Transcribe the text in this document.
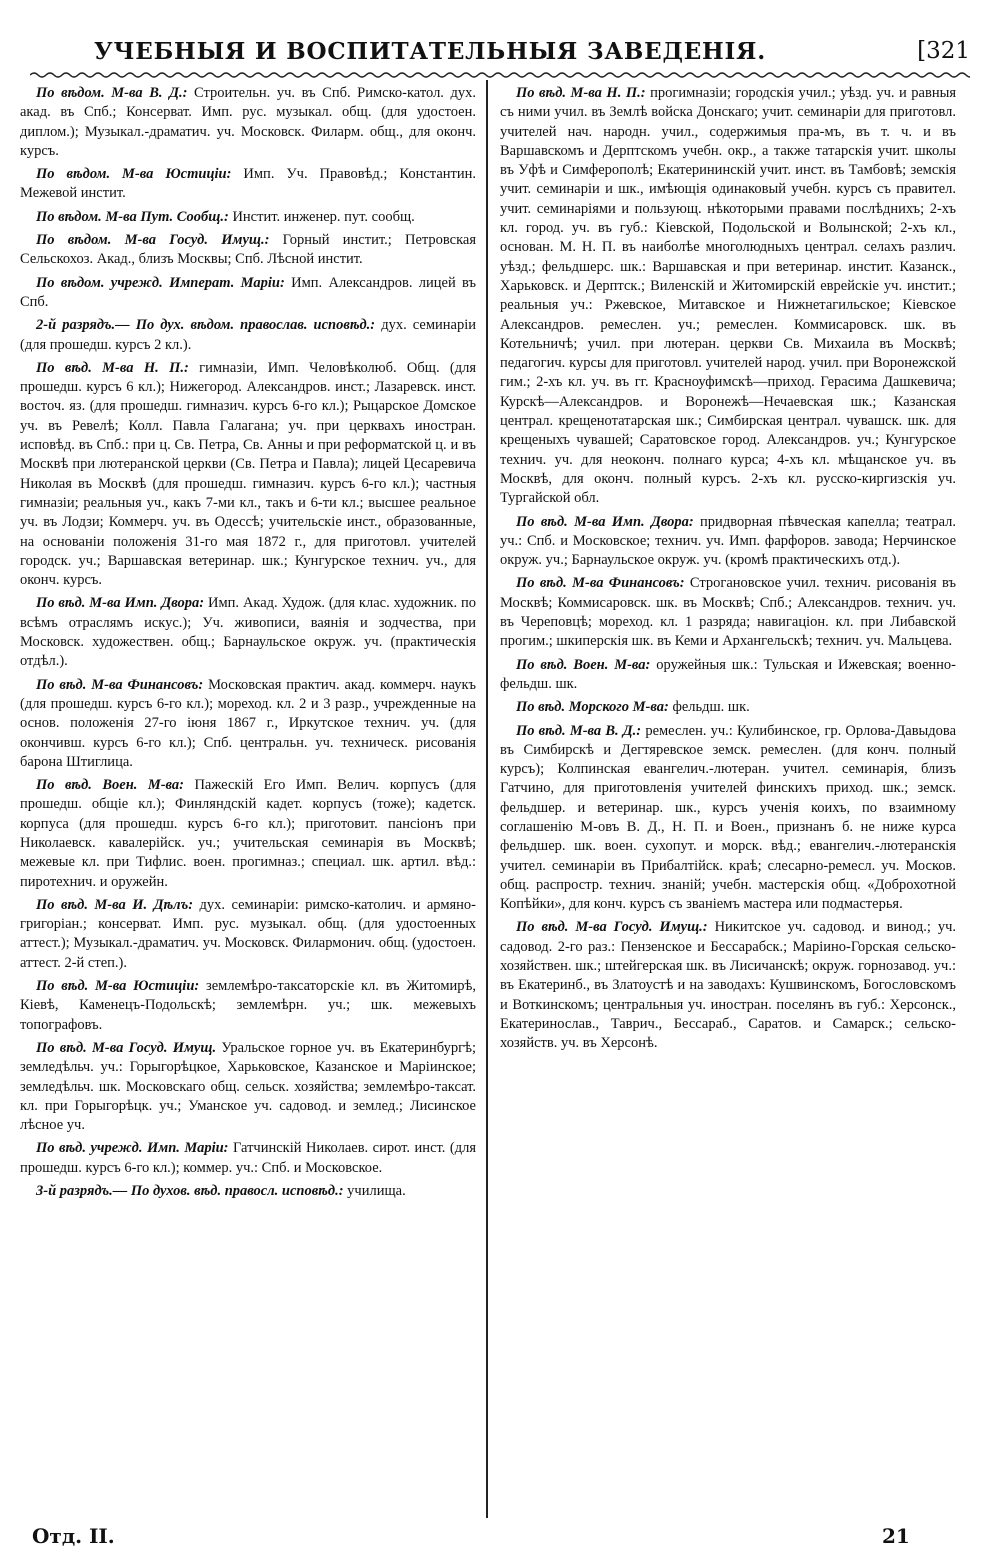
УЧЕБНЫЯ И ВОСПИТАТЕЛЬНЫЯ ЗАВЕДЕНІЯ.	[321

По вѣдом. М-ва В. Д.: Строительн. уч. въ Спб. Римско-катол. дух. акад. въ Спб.; Консерват. Имп. рус. музыкал. общ. (для удостоен. диплом.); Музыкал.-драматич. уч. Московск. Филарм. общ., для оконч. курсъ.

По вѣдом. М-ва Юстиціи: Имп. Уч. Правовѣд.; Константин. Межевой инстит.

По вѣдом. М-ва Пут. Сообщ.: Инстит. инженер. пут. сообщ.

По вѣдом. М-ва Госуд. Имущ.: Горный инстит.; Петровская Сельскохоз. Акад., близъ Москвы; Спб. Лѣсной инстит.

По вѣдом. учрежд. Императ. Маріи: Имп. Александров. лицей въ Спб.

2-й разрядъ.— По дух. вѣдом. православ. исповѣд.: дух. семинаріи (для прошедш. курсъ 2 кл.).

По вѣд. М-ва Н. П.: гимназіи, Имп. Человѣколюб. Общ. (для прошедш. курсъ 6 кл.); Нижегород. Александров. инст.; Лазаревск. инст. восточ. яз. (для прошедш. гимназич. курсъ 6-го кл.); Рыцарское Домское уч. въ Ревелѣ; Колл. Павла Галагана; уч. при церквахъ иностран. исповѣд. въ Спб.: при ц. Св. Петра, Св. Анны и при реформатской ц. и въ Москвѣ при лютеранской церкви (Св. Петра и Павла); лицей Цесаревича Николая въ Москвѣ (для прошедш. гимназич. курсъ 6-го кл.); частныя гимназіи; реальныя уч., какъ 7-ми кл., такъ и 6-ти кл.; высшее реальное уч. въ Лодзи; Коммерч. уч. въ Одессѣ; учительскіе инст., образованные, на основаніи положенія 31-го мая 1872 г., для приготовл. учителей городск. уч.; Варшавская ветеринар. шк.; Кунгурское технич. уч., для оконч. курсъ.

По вѣд. М-ва Имп. Двора: Имп. Акад. Худож. (для клас. художник. по всѣмъ отраслямъ искус.); Уч. живописи, ваянія и зодчества, при Московск. художествен. общ.; Барнаульское окруж. уч. (практическія отдѣл.).

По вѣд. М-ва Финансовъ: Московская практич. акад. коммерч. наукъ (для прошедш. курсъ 6-го кл.); мореход. кл. 2 и 3 разр., учрежденные на основ. положенія 27-го іюня 1867 г., Иркутское технич. уч. (для окончивш. курсъ 6-го кл.); Спб. центральн. уч. техническ. рисованія барона Штиглица.

По вѣд. Воен. М-ва: Пажескій Его Имп. Велич. корпусъ (для прошедш. общіе кл.); Финляндскій кадет. корпусъ (тоже); кадетск. корпуса (для прошедш. курсъ 6-го кл.); приготовит. пансіонъ при Николаевск. кавалерійск. уч.; учительская семинарія въ Москвѣ; межевые кл. при Тифлис. воен. прогимназ.; специал. шк. артил. вѣд.: пиротехнич. и оружейн.

По вѣд. М-ва И. Дѣлъ: дух. семинаріи: римско-католич. и армяно-григоріан.; консерват. Имп. рус. музыкал. общ. (для удостоенных аттест.); Музыкал.-драматич. уч. Московск. Филармонич. общ. (удостоен. аттест. 2-й степ.).

По вѣд. М-ва Юстиціи: землемѣро-таксаторскіе кл. въ Житомирѣ, Кіевѣ, Каменецъ-Подольскѣ; землемѣрн. уч.; шк. межевыхъ топографовъ.

По вѣд. М-ва Госуд. Имущ. Уральское горное уч. въ Екатеринбургѣ; земледѣльч. уч.: Горыгорѣцкое, Харьковское, Казанское и Маріинское; земледѣльч. шк. Московскаго общ. сельск. хозяйства; землемѣро-таксат. кл. при Горыгорѣцк. уч.; Уманское уч. садовод. и землед.; Лисинское лѣсное уч.

По вѣд. учрежд. Имп. Маріи: Гатчинскій Николаев. сирот. инст. (для прошедш. курсъ 6-го кл.); коммер. уч.: Спб. и Московское.

3-й разрядъ.— По духов. вѣд. правосл. исповѣд.: училища.

По вѣд. М-ва Н. П.: прогимназіи; городскія учил.; уѣзд. уч. и равныя съ ними учил. въ Землѣ войска Донскаго; учит. семинаріи для приготовл. учителей нач. народн. учил., содержимыя пра-мъ, въ т. ч. и въ Варшавскомъ и Дерптскомъ учебн. окр., а также татарскія учит. школы въ Уфѣ и Симферополѣ; Екатерининскій учит. инст. въ Тамбовѣ; земскія учит. семинаріи и шк., имѣющія одинаковый учебн. курсъ съ правител. учит. семинаріями и пользующ. нѣкоторыми правами послѣднихъ; 2-хъ кл. город. уч. въ губ.: Кіевской, Подольской и Волынской; 2-хъ кл., основан. М. Н. П. въ наиболѣе многолюдныхъ централ. селахъ различ. уѣзд.; фельдшерс. шк.: Варшавская и при ветеринар. инстит. Казанск., Харьковск. и Дерптск.; Виленскій и Житомирскій еврейскіе уч. инстит.; реальныя уч.: Ржевское, Митавское и Нижнетагильское; Кіевское Александров. ремеслен. уч.; ремеслен. Коммисаровск. шк. въ Котельничѣ; учил. при лютеран. церкви Св. Михаила въ Москвѣ; педагогич. курсы для приготовл. учителей народ. учил. при Воронежской гим.; 2-хъ кл. уч. въ гг. Красноуфимскѣ—приход. Герасима Дашкевича; Курскѣ—Александров. и Воронежѣ—Нечаевская шк.; Казанская централ. крещенотатарская шк.; Симбирская централ. чувашск. шк. для крещеныхъ чувашей; Саратовское город. Александров. уч.; Кунгурское технич. уч. для неоконч. полнаго курса; 4-хъ кл. мѣщанское уч. въ Москвѣ, для оконч. полный курсъ. 2-хъ кл. русско-киргизскія уч. Тургайской обл.

По вѣд. М-ва Имп. Двора: придворная пѣвческая капелла; театрал. уч.: Спб. и Московское; технич. уч. Имп. фарфоров. завода; Нерчинское окруж. уч.; Барнаульское окруж. уч. (кромѣ практическихъ отд.).

По вѣд. М-ва Финансовъ: Строгановское учил. технич. рисованія въ Москвѣ; Коммисаровск. шк. въ Москвѣ; Спб.; Александров. технич. уч. въ Череповцѣ; мореход. кл. 1 разряда; навигаціон. кл. при Либавской прогим.; шкиперскія шк. въ Кеми и Архангельскѣ; технич. уч. Мальцева.

По вѣд. Воен. М-ва: оружейныя шк.: Тульская и Ижевская; военно-фельдш. шк.

По вѣд. Морского М-ва: фельдш. шк.

По вѣд. М-ва В. Д.: ремеслен. уч.: Кулибинское, гр. Орлова-Давыдова въ Симбирскѣ и Дегтяревское земск. ремеслен. (для конч. полный курсъ); Колпинская евангелич.-лютеран. учител. семинарія, близъ Гатчино, для приготовленія учителей финскихъ приход. шк.; земск. фельдшер. и ветеринар. шк., курсъ ученія коихъ, по взаимному соглашенію М-овъ В. Д., Н. П. и Воен., признанъ б. не ниже курса фельдшер. шк. воен. сухопут. и морск. вѣд.; евангелич.-лютеранскія учител. семинаріи въ Прибалтійск. краѣ; слесарно-ремесл. уч. Москов. общ. распростр. технич. знаній; учебн. мастерскія общ. «Доброхотной Копѣйки», для конч. курсъ съ званіемъ мастера или подмастерья.

По вѣд. М-ва Госуд. Имущ.: Никитское уч. садовод. и винод.; уч. садовод. 2-го раз.: Пензенское и Бессарабск.; Маріино-Горская сельско-хозяйствен. шк.; штейгерская шк. въ Лисичанскѣ; окруж. горнозавод. уч.: въ Екатеринб., въ Златоустѣ и на заводахъ: Кушвинскомъ, Богословскомъ и Воткинскомъ; центральныя уч. иностран. поселянъ въ губ.: Херсонск., Екатеринослав., Таврич., Бессараб., Саратов. и Самарск.; сельско-хозяйств. уч. въ Херсонѣ.

Отд. II.	21
